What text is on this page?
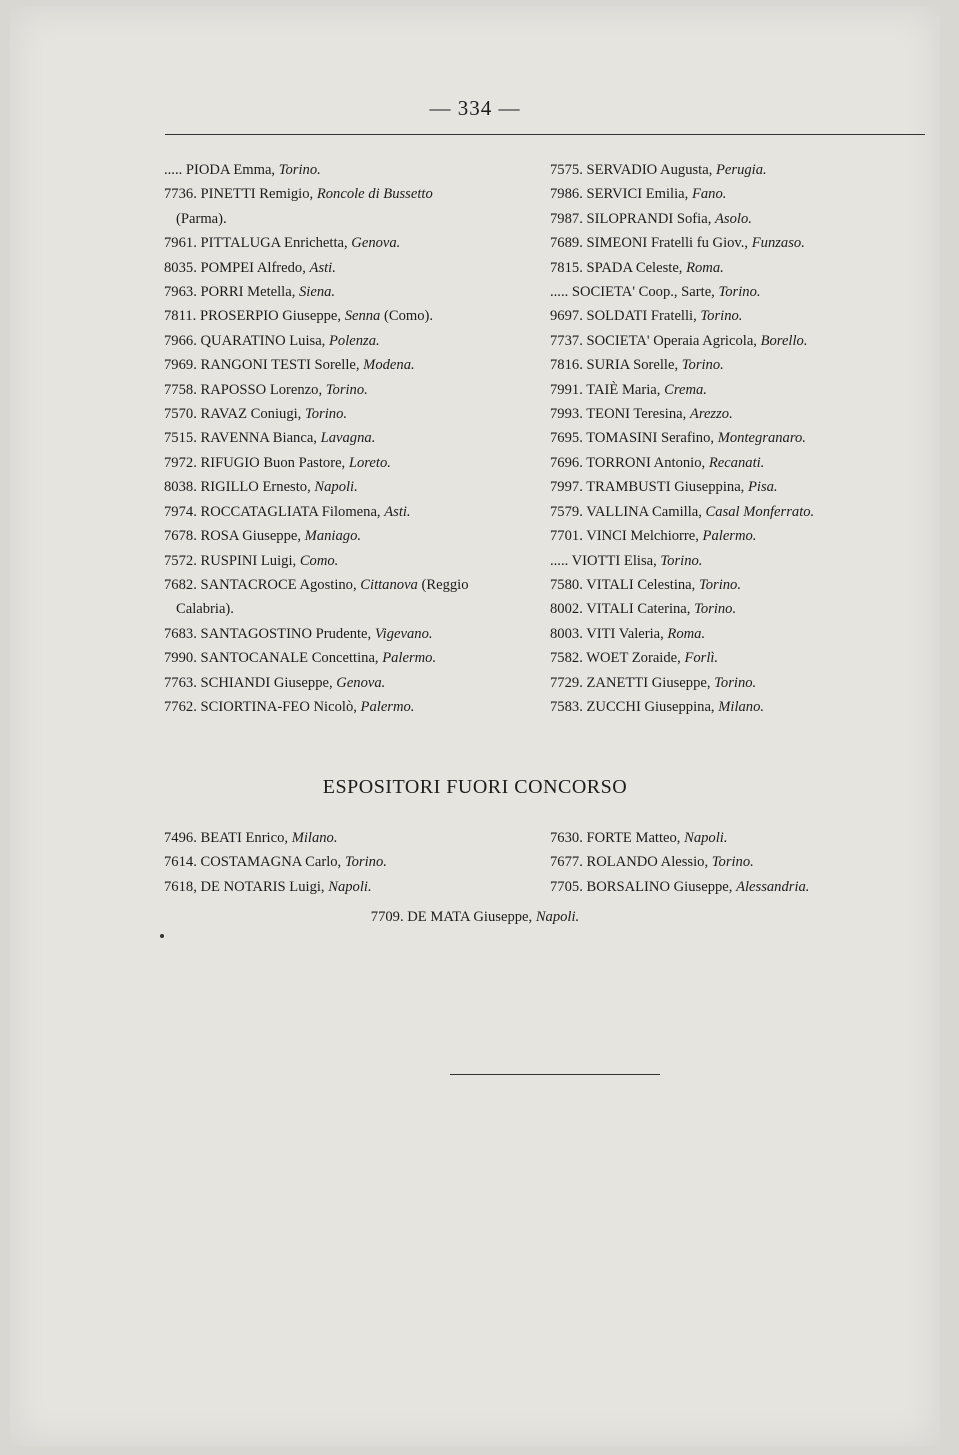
— 334 —
..... PIODA Emma, Torino.
7736. PINETTI Remigio, Roncole di Bussetto
(Parma).
7961. PITTALUGA Enrichetta, Genova.
8035. POMPEI Alfredo, Asti.
7963. PORRI Metella, Siena.
7811. PROSERPIO Giuseppe, Senna (Como).
7966. QUARATINO Luisa, Polenza.
7969. RANGONI TESTI Sorelle, Modena.
7758. RAPOSSO Lorenzo, Torino.
7570. RAVAZ Coniugi, Torino.
7515. RAVENNA Bianca, Lavagna.
7972. RIFUGIO Buon Pastore, Loreto.
8038. RIGILLO Ernesto, Napoli.
7974. ROCCATAGLIATA Filomena, Asti.
7678. ROSA Giuseppe, Maniago.
7572. RUSPINI Luigi, Como.
7682. SANTACROCE Agostino, Cittanova (Reggio
Calabria).
7683. SANTAGOSTINO Prudente, Vigevano.
7990. SANTOCANALE Concettina, Palermo.
7763. SCHIANDI Giuseppe, Genova.
7762. SCIORTINA-FEO Nicolò, Palermo.
7575. SERVADIO Augusta, Perugia.
7986. SERVICI Emilia, Fano.
7987. SILOPRANDI Sofia, Asolo.
7689. SIMEONI Fratelli fu Giov., Funzaso.
7815. SPADA Celeste, Roma.
..... SOCIETA' Coop., Sarte, Torino.
9697. SOLDATI Fratelli, Torino.
7737. SOCIETA' Operaia Agricola, Borello.
7816. SURIA Sorelle, Torino.
7991. TAIÈ Maria, Crema.
7993. TEONI Teresina, Arezzo.
7695. TOMASINI Serafino, Montegranaro.
7696. TORRONI Antonio, Recanati.
7997. TRAMBUSTI Giuseppina, Pisa.
7579. VALLINA Camilla, Casal Monferrato.
7701. VINCI Melchiorre, Palermo.
..... VIOTTI Elisa, Torino.
7580. VITALI Celestina, Torino.
8002. VITALI Caterina, Torino.
8003. VITI Valeria, Roma.
7582. WOET Zoraide, Forlì.
7729. ZANETTI Giuseppe, Torino.
7583. ZUCCHI Giuseppina, Milano.
ESPOSITORI FUORI CONCORSO
7496. BEATI Enrico, Milano.
7614. COSTAMAGNA Carlo, Torino.
7618, DE NOTARIS Luigi, Napoli.
7630. FORTE Matteo, Napoli.
7677. ROLANDO Alessio, Torino.
7705. BORSALINO Giuseppe, Alessandria.
7709. DE MATA Giuseppe, Napoli.
